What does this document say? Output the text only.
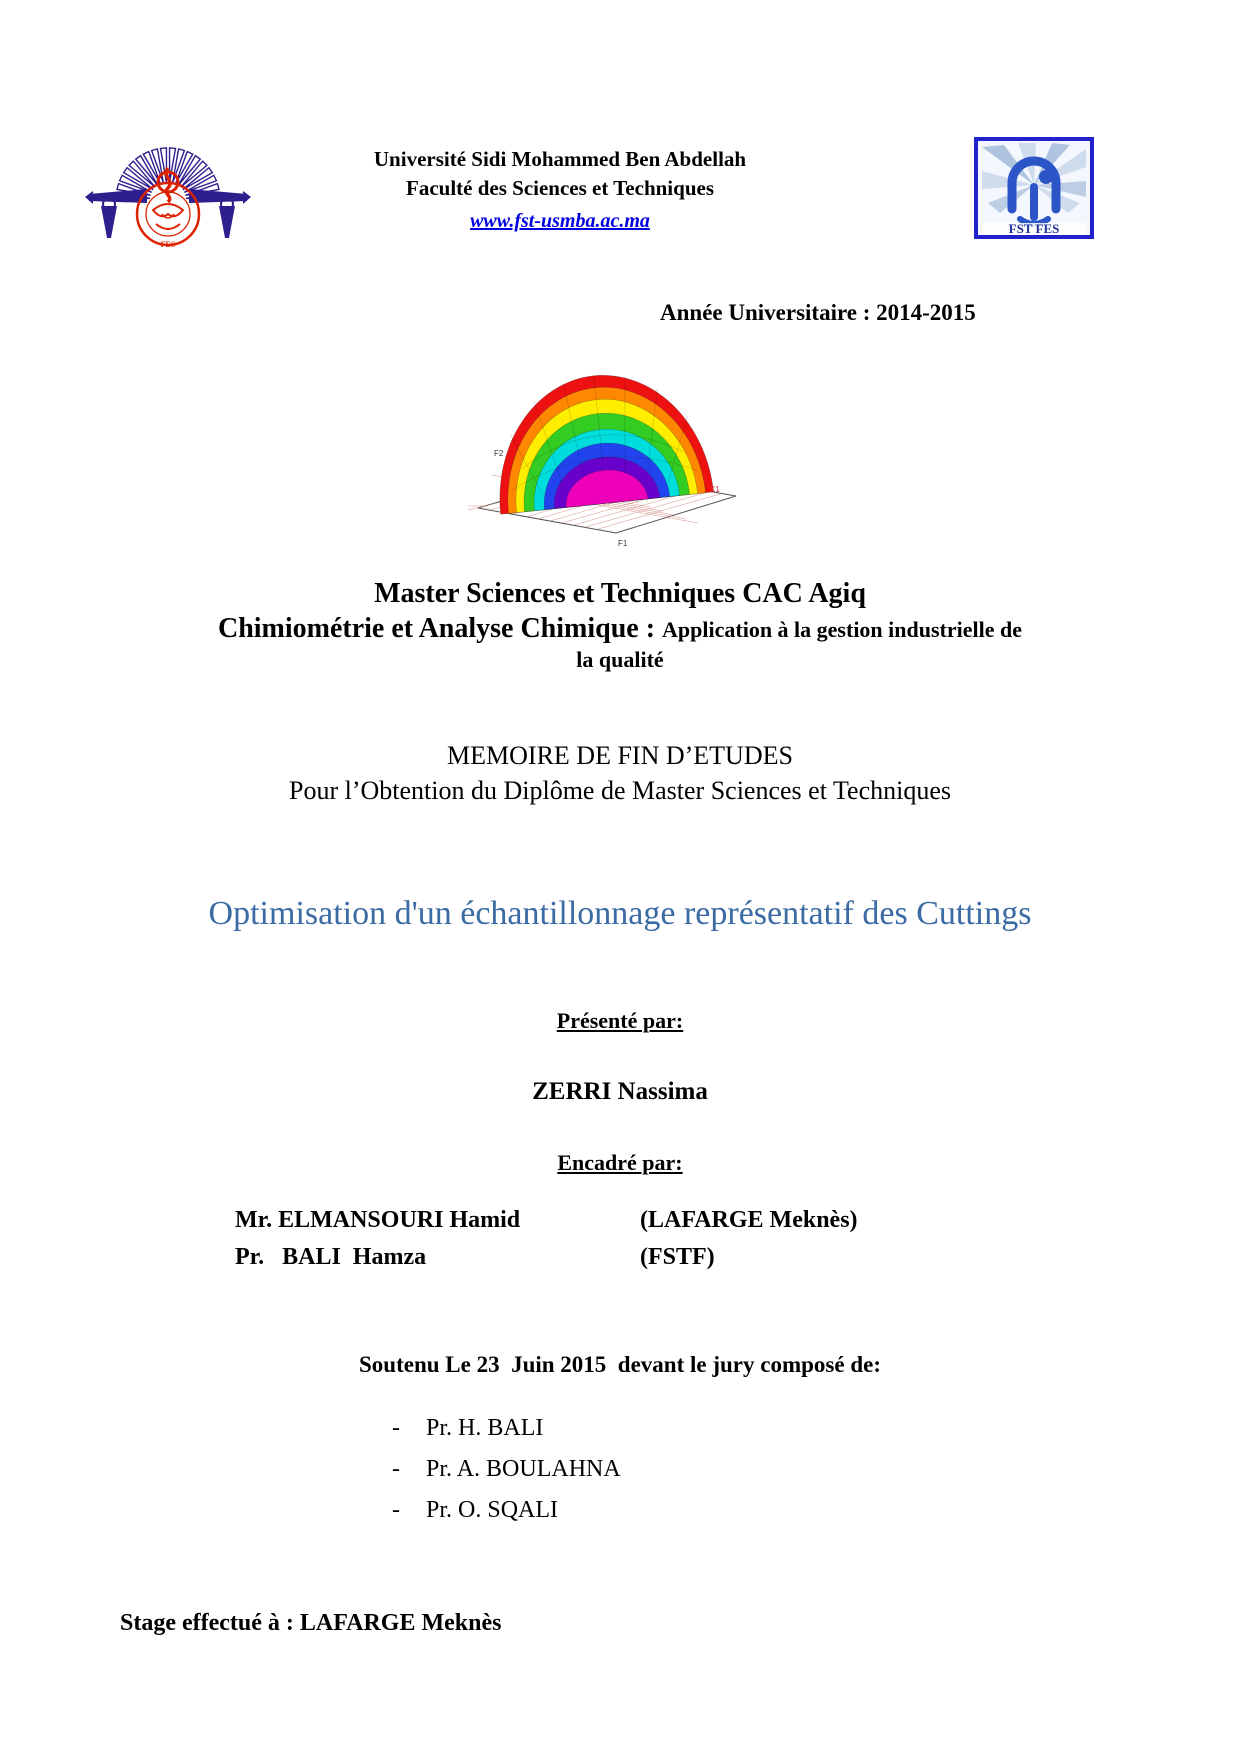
FES
Université Sidi Mohammed Ben Abdellah
Faculté des Sciences et Techniques
www.fst-usmba.ac.ma	FST FES
Année Universitaire : 2014-2015
F2
X1
F1
Master Sciences et Techniques CAC Agiq
Chimiométrie et Analyse Chimique : Application à la gestion industrielle de
la qualité
MEMOIRE DE FIN D’ETUDES
Pour l’Obtention du Diplôme de Master Sciences et Techniques
Optimisation d'un échantillonnage représentatif des Cuttings
Présenté par:
ZERRI Nassima
Encadré par:
Mr. ELMANSOURI Hamid	(LAFARGE Meknès)
Pr.   BALI  Hamza	(FSTF)
Soutenu Le 23  Juin 2015  devant le jury composé de:
-	Pr. H. BALI
-	Pr. A. BOULAHNA
-	Pr. O. SQALI
Stage effectué à : LAFARGE Meknès
